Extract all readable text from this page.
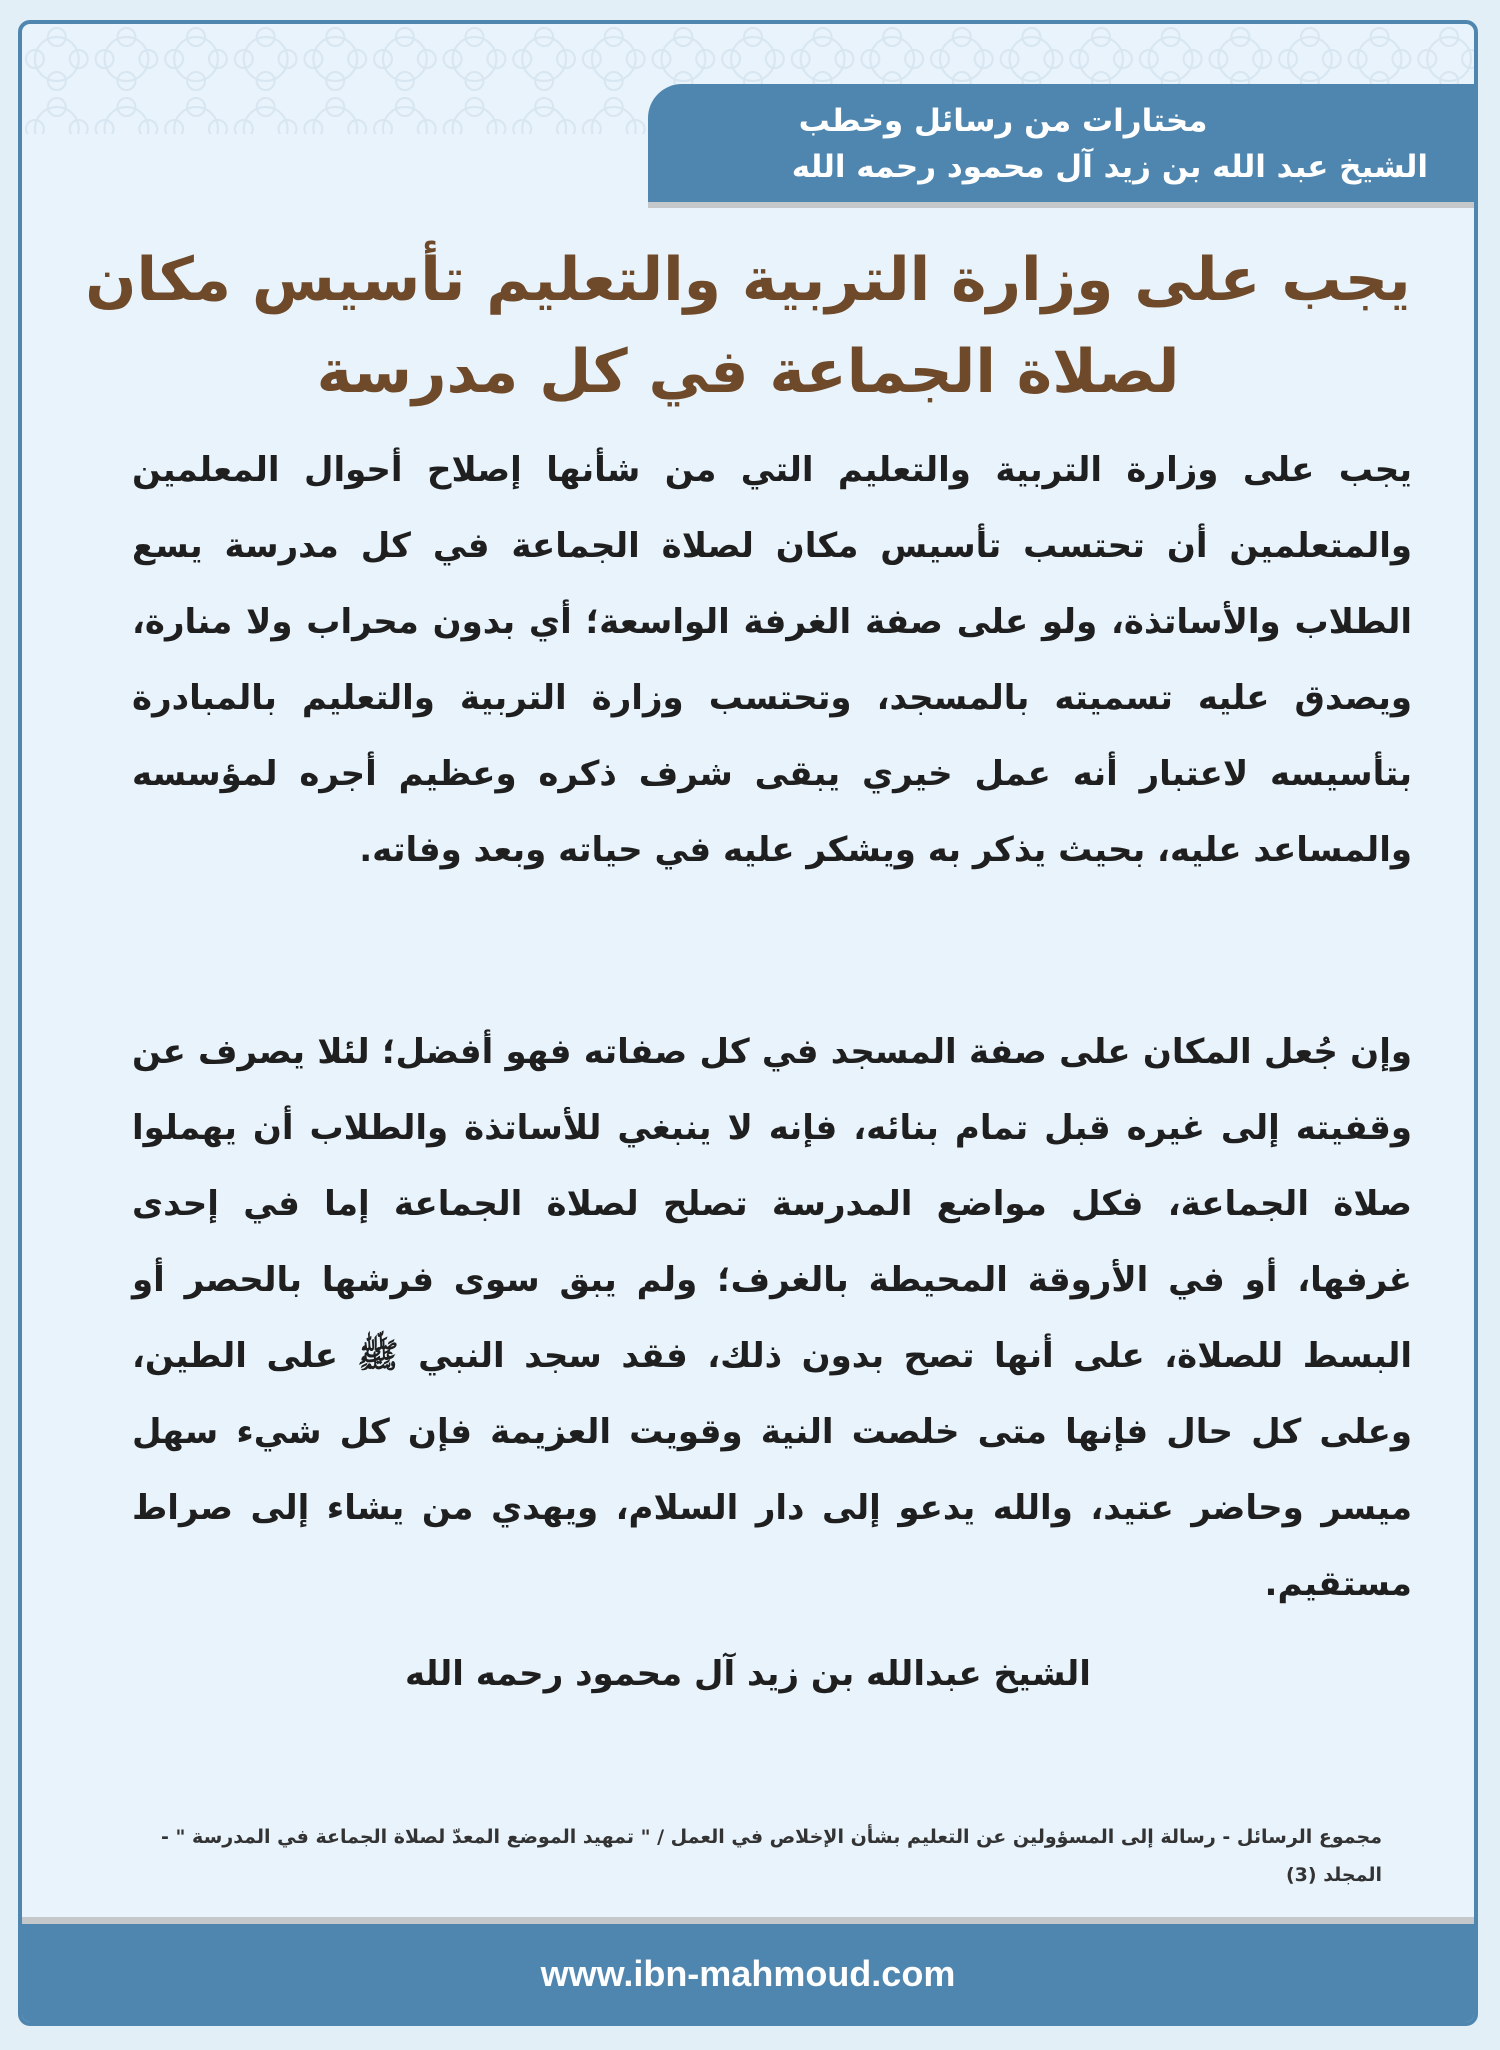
مختارات من رسائل وخطب
الشيخ عبد الله بن زيد آل محمود رحمه الله
يجب على وزارة التربية والتعليم تأسيس مكان
لصلاة الجماعة في كل مدرسة
يجب على وزارة التربية والتعليم التي من شأنها إصلاح أحوال المعلمين والمتعلمين أن تحتسب تأسيس مكان لصلاة الجماعة في كل مدرسة يسع الطلاب والأساتذة، ولو على صفة الغرفة الواسعة؛ أي بدون محراب ولا منارة، ويصدق عليه تسميته بالمسجد، وتحتسب وزارة التربية والتعليم بالمبادرة بتأسيسه لاعتبار أنه عمل خيري يبقى شرف ذكره وعظيم أجره لمؤسسه والمساعد عليه، بحيث يذكر به ويشكر عليه في حياته وبعد وفاته.
وإن جُعل المكان على صفة المسجد في كل صفاته فهو أفضل؛ لئلا يصرف عن وقفيته إلى غيره قبل تمام بنائه، فإنه لا ينبغي للأساتذة والطلاب أن يهملوا صلاة الجماعة، فكل مواضع المدرسة تصلح لصلاة الجماعة إما في إحدى غرفها، أو في الأروقة المحيطة بالغرف؛ ولم يبق سوى فرشها بالحصر أو البسط للصلاة، على أنها تصح بدون ذلك، فقد سجد النبي ﷺ على الطين، وعلى كل حال فإنها متى خلصت النية وقويت العزيمة فإن كل شيء سهل ميسر وحاضر عتيد، والله يدعو إلى دار السلام، ويهدي من يشاء إلى صراط مستقيم.
الشيخ عبدالله بن زيد آل محمود رحمه الله
مجموع الرسائل - رسالة إلى المسؤولين عن التعليم بشأن الإخلاص في العمل / " تمهيد الموضع المعدّ لصلاة الجماعة في المدرسة " - المجلد (3)
www.ibn-mahmoud.com
